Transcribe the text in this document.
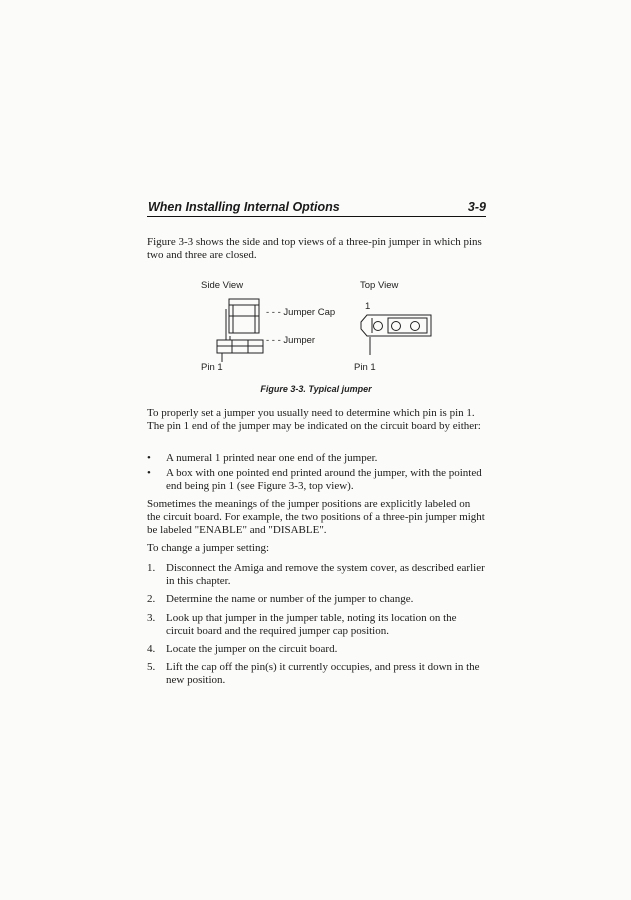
When Installing Internal Options	3-9

Figure 3-3 shows the side and top views of a three-pin jumper in which pins two and three are closed.

Side View	Top View
- - - Jumper Cap
- - - Jumper
Pin 1
1
Pin 1
Figure 3-3. Typical jumper

To properly set a jumper you usually need to determine which pin is pin 1. The pin 1 end of the jumper may be indicated on the circuit board by either:

• A numeral 1 printed near one end of the jumper.
• A box with one pointed end printed around the jumper, with the pointed end being pin 1 (see Figure 3-3, top view).

Sometimes the meanings of the jumper positions are explicitly labeled on the circuit board. For example, the two positions of a three-pin jumper might be labeled "ENABLE" and "DISABLE".

To change a jumper setting:

1. Disconnect the Amiga and remove the system cover, as described earlier in this chapter.
2. Determine the name or number of the jumper to change.
3. Look up that jumper in the jumper table, noting its location on the circuit board and the required jumper cap position.
4. Locate the jumper on the circuit board.
5. Lift the cap off the pin(s) it currently occupies, and press it down in the new position.
